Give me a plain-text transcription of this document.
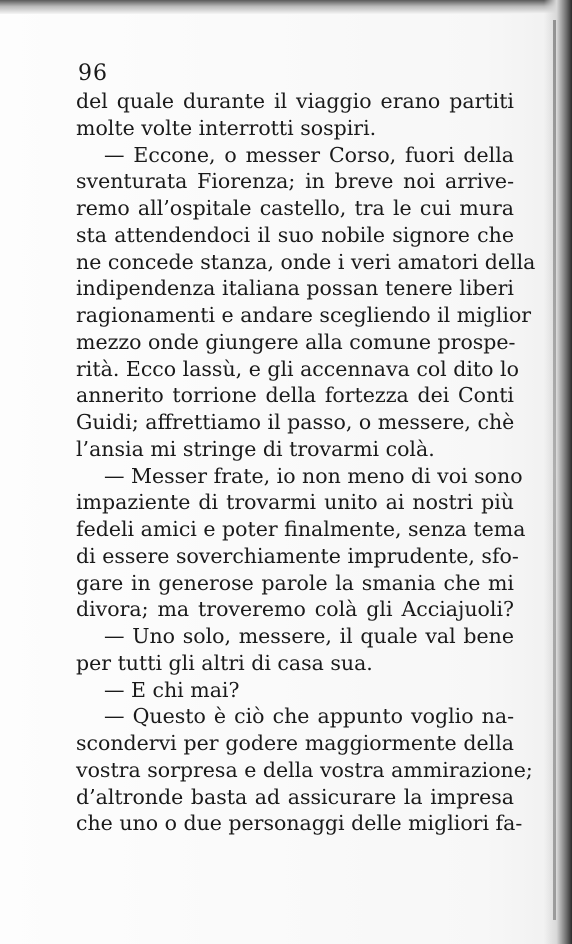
96
del quale durante il viaggio erano partiti
molte volte interrotti sospiri.
— Eccone, o messer Corso, fuori della
sventurata Fiorenza; in breve noi arrive-
remo all’ospitale castello, tra le cui mura
sta attendendoci il suo nobile signore che
ne concede stanza, onde i veri amatori della
indipendenza italiana possan tenere liberi
ragionamenti e andare scegliendo il miglior
mezzo onde giungere alla comune prospe-
rità. Ecco lassù, e gli accennava col dito lo
annerito torrione della fortezza dei Conti
Guidi; affrettiamo il passo, o messere, chè
l’ansia mi stringe di trovarmi colà.
— Messer frate, io non meno di voi sono
impaziente di trovarmi unito ai nostri più
fedeli amici e poter finalmente, senza tema
di essere soverchiamente imprudente, sfo-
gare in generose parole la smania che mi
divora; ma troveremo colà gli Acciajuoli?
— Uno solo, messere, il quale val bene
per tutti gli altri di casa sua.
— E chi mai?
— Questo è ciò che appunto voglio na-
scondervi per godere maggiormente della
vostra sorpresa e della vostra ammirazione;
d’altronde basta ad assicurare la impresa
che uno o due personaggi delle migliori fa-
